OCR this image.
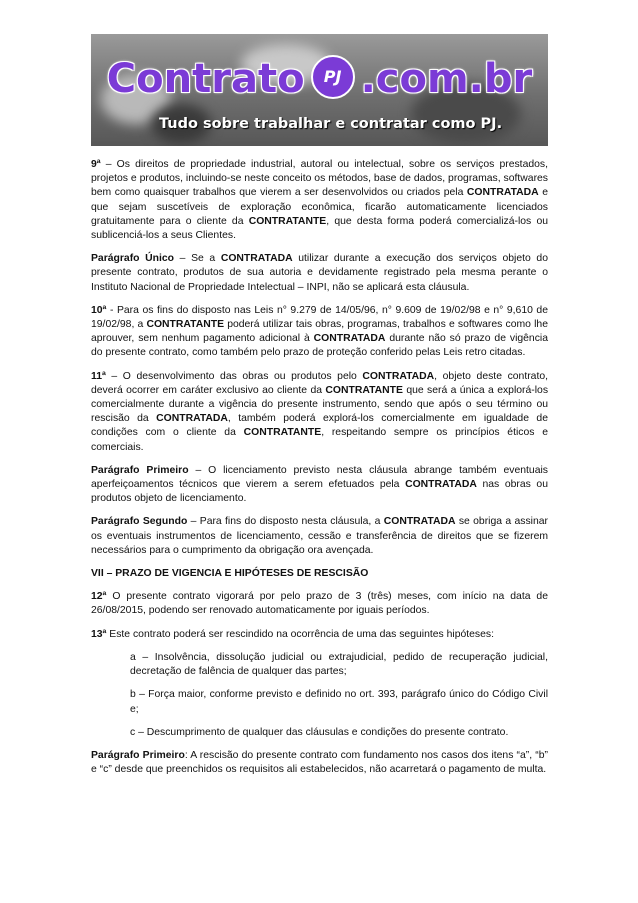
Contrato PJ .com.br
Tudo sobre trabalhar e contratar como PJ.

9ª – Os direitos de propriedade industrial, autoral ou intelectual, sobre os serviços prestados, projetos e produtos, incluindo-se neste conceito os métodos, base de dados, programas, softwares bem como quaisquer trabalhos que vierem a ser desenvolvidos ou criados pela CONTRATADA e que sejam suscetíveis de exploração econômica, ficarão automaticamente licenciados gratuitamente para o cliente da CONTRATANTE, que desta forma poderá comercializá-los ou sublicenciá-los a seus Clientes.

Parágrafo Único – Se a CONTRATADA utilizar durante a execução dos serviços objeto do presente contrato, produtos de sua autoria e devidamente registrado pela mesma perante o Instituto Nacional de Propriedade Intelectual – INPI, não se aplicará esta cláusula.

10ª - Para os fins do disposto nas Leis n° 9.279 de 14/05/96, n° 9.609 de 19/02/98 e n° 9,610 de 19/02/98, a CONTRATANTE poderá utilizar tais obras, programas, trabalhos e softwares como lhe aprouver, sem nenhum pagamento adicional à CONTRATADA durante não só prazo de vigência do presente contrato, como também pelo prazo de proteção conferido pelas Leis retro citadas.

11ª – O desenvolvimento das obras ou produtos pelo CONTRATADA, objeto deste contrato, deverá ocorrer em caráter exclusivo ao cliente da CONTRATANTE que será a única a explorá-los comercialmente durante a vigência do presente instrumento, sendo que após o seu término ou rescisão da CONTRATADA, também poderá explorá-los comercialmente em igualdade de condições com o cliente da CONTRATANTE, respeitando sempre os princípios éticos e comerciais.

Parágrafo Primeiro – O licenciamento previsto nesta cláusula abrange também eventuais aperfeiçoamentos técnicos que vierem a serem efetuados pela CONTRATADA nas obras ou produtos objeto de licenciamento.

Parágrafo Segundo – Para fins do disposto nesta cláusula, a CONTRATADA se obriga a assinar os eventuais instrumentos de licenciamento, cessão e transferência de direitos que se fizerem necessários para o cumprimento da obrigação ora avençada.

VII – PRAZO DE VIGENCIA E HIPÓTESES DE RESCISÃO

12ª O presente contrato vigorará por pelo prazo de 3 (três) meses, com início na data de 26/08/2015, podendo ser renovado automaticamente por iguais períodos.

13ª Este contrato poderá ser rescindido na ocorrência de uma das seguintes hipóteses:

a – Insolvência, dissolução judicial ou extrajudicial, pedido de recuperação judicial, decretação de falência de qualquer das partes;

b – Força maior, conforme previsto e definido no ort. 393, parágrafo único do Código Civil e;

c – Descumprimento de qualquer das cláusulas e condições do presente contrato.

Parágrafo Primeiro: A rescisão do presente contrato com fundamento nos casos dos itens “a”, “b” e “c” desde que preenchidos os requisitos ali estabelecidos, não acarretará o pagamento de multa.
